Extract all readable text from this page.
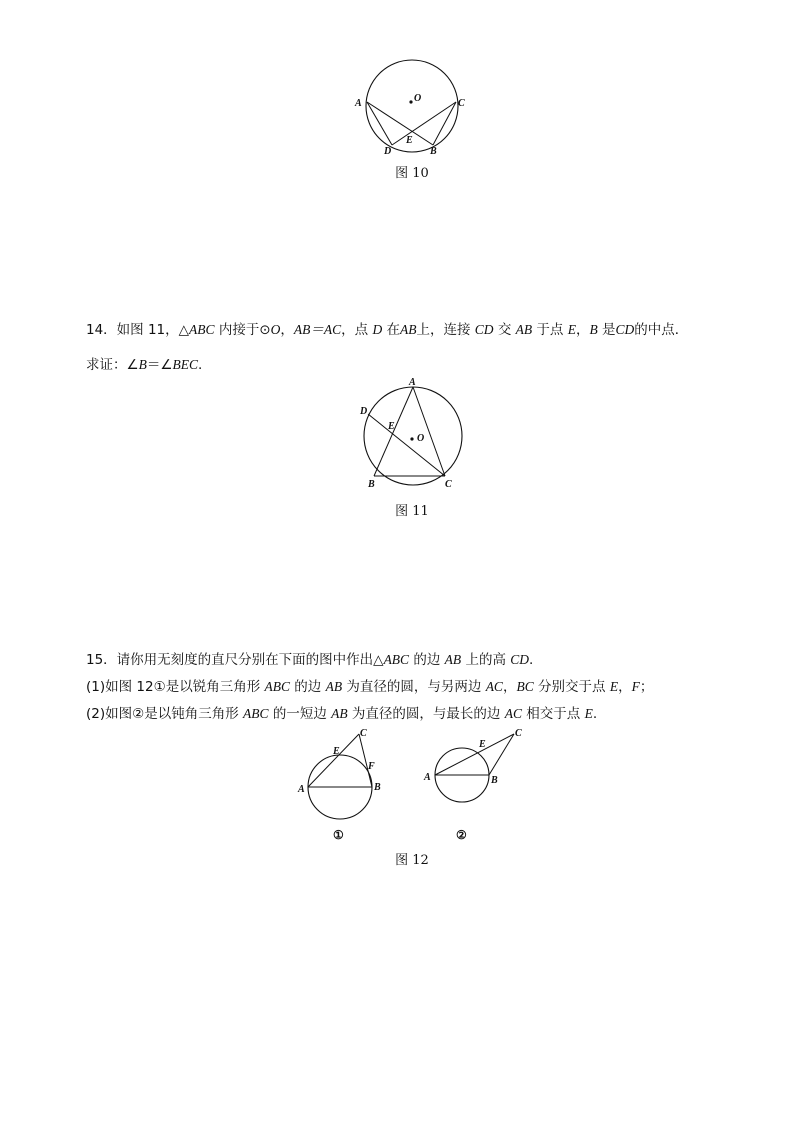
A	O	C
E
D	B
图 10
14．如图 11，△ABC 内接于⊙O，AB＝AC，点 D 在AB上，连接 CD 交 AB 于点 E，B 是CD的中点．
求证：∠B＝∠BEC.
A
D
E
O
B	C
图 11
15．请你用无刻度的直尺分别在下面的图中作出△ABC 的边 AB 上的高 CD.
(1)如图 12①是以锐角三角形 ABC 的边 AB 为直径的圆，与另两边 AC，BC 分别交于点 E，F；
(2)如图②是以钝角三角形 ABC 的一短边 AB 为直径的圆，与最长的边 AC 相交于点 E.
A	B
C
E
F
①
A	B
C
E
②
图 12
